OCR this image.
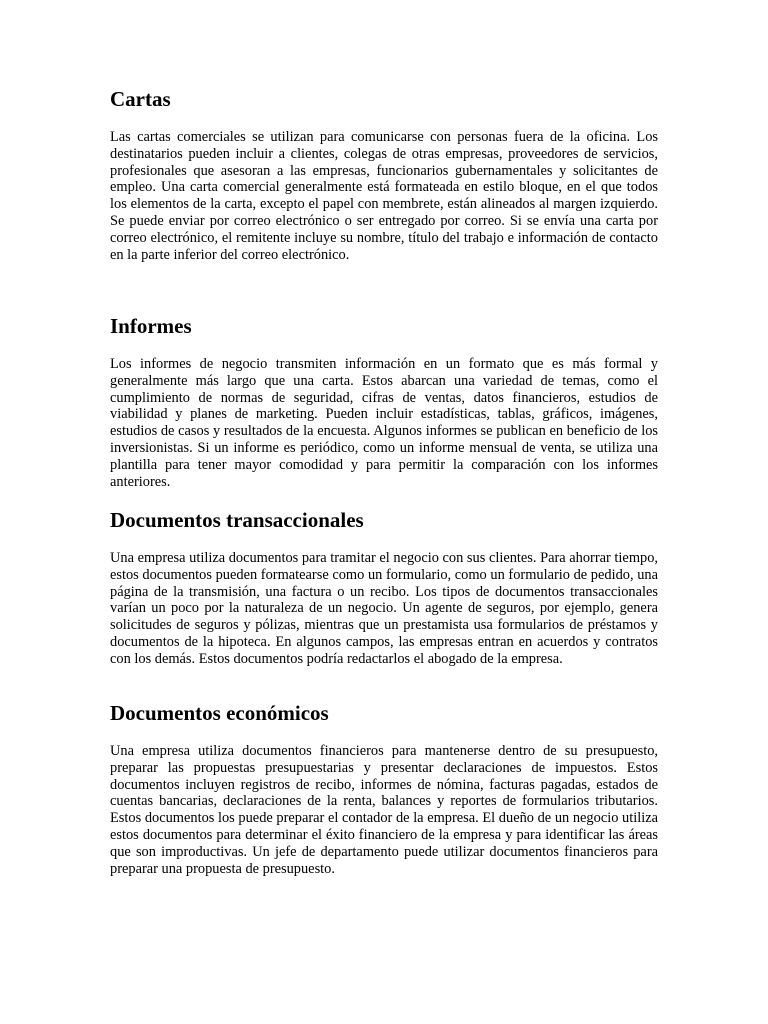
Cartas

Las cartas comerciales se utilizan para comunicarse con personas fuera de la oficina. Los destinatarios pueden incluir a clientes, colegas de otras empresas, proveedores de servicios, profesionales que asesoran a las empresas, funcionarios gubernamentales y solicitantes de empleo. Una carta comercial generalmente está formateada en estilo bloque, en el que todos los elementos de la carta, excepto el papel con membrete, están alineados al margen izquierdo. Se puede enviar por correo electrónico o ser entregado por correo. Si se envía una carta por correo electrónico, el remitente incluye su nombre, título del trabajo e información de contacto en la parte inferior del correo electrónico.

Informes

Los informes de negocio transmiten información en un formato que es más formal y generalmente más largo que una carta. Estos abarcan una variedad de temas, como el cumplimiento de normas de seguridad, cifras de ventas, datos financieros, estudios de viabilidad y planes de marketing. Pueden incluir estadísticas, tablas, gráficos, imágenes, estudios de casos y resultados de la encuesta. Algunos informes se publican en beneficio de los inversionistas. Si un informe es periódico, como un informe mensual de venta, se utiliza una plantilla para tener mayor comodidad y para permitir la comparación con los informes anteriores.

Documentos transaccionales

Una empresa utiliza documentos para tramitar el negocio con sus clientes. Para ahorrar tiempo, estos documentos pueden formatearse como un formulario, como un formulario de pedido, una página de la transmisión, una factura o un recibo. Los tipos de documentos transaccionales varían un poco por la naturaleza de un negocio. Un agente de seguros, por ejemplo, genera solicitudes de seguros y pólizas, mientras que un prestamista usa formularios de préstamos y documentos de la hipoteca. En algunos campos, las empresas entran en acuerdos y contratos con los demás. Estos documentos podría redactarlos el abogado de la empresa.

Documentos económicos

Una empresa utiliza documentos financieros para mantenerse dentro de su presupuesto, preparar las propuestas presupuestarias y presentar declaraciones de impuestos. Estos documentos incluyen registros de recibo, informes de nómina, facturas pagadas, estados de cuentas bancarias, declaraciones de la renta, balances y reportes de formularios tributarios. Estos documentos los puede preparar el contador de la empresa. El dueño de un negocio utiliza estos documentos para determinar el éxito financiero de la empresa y para identificar las áreas que son improductivas. Un jefe de departamento puede utilizar documentos financieros para preparar una propuesta de presupuesto.
